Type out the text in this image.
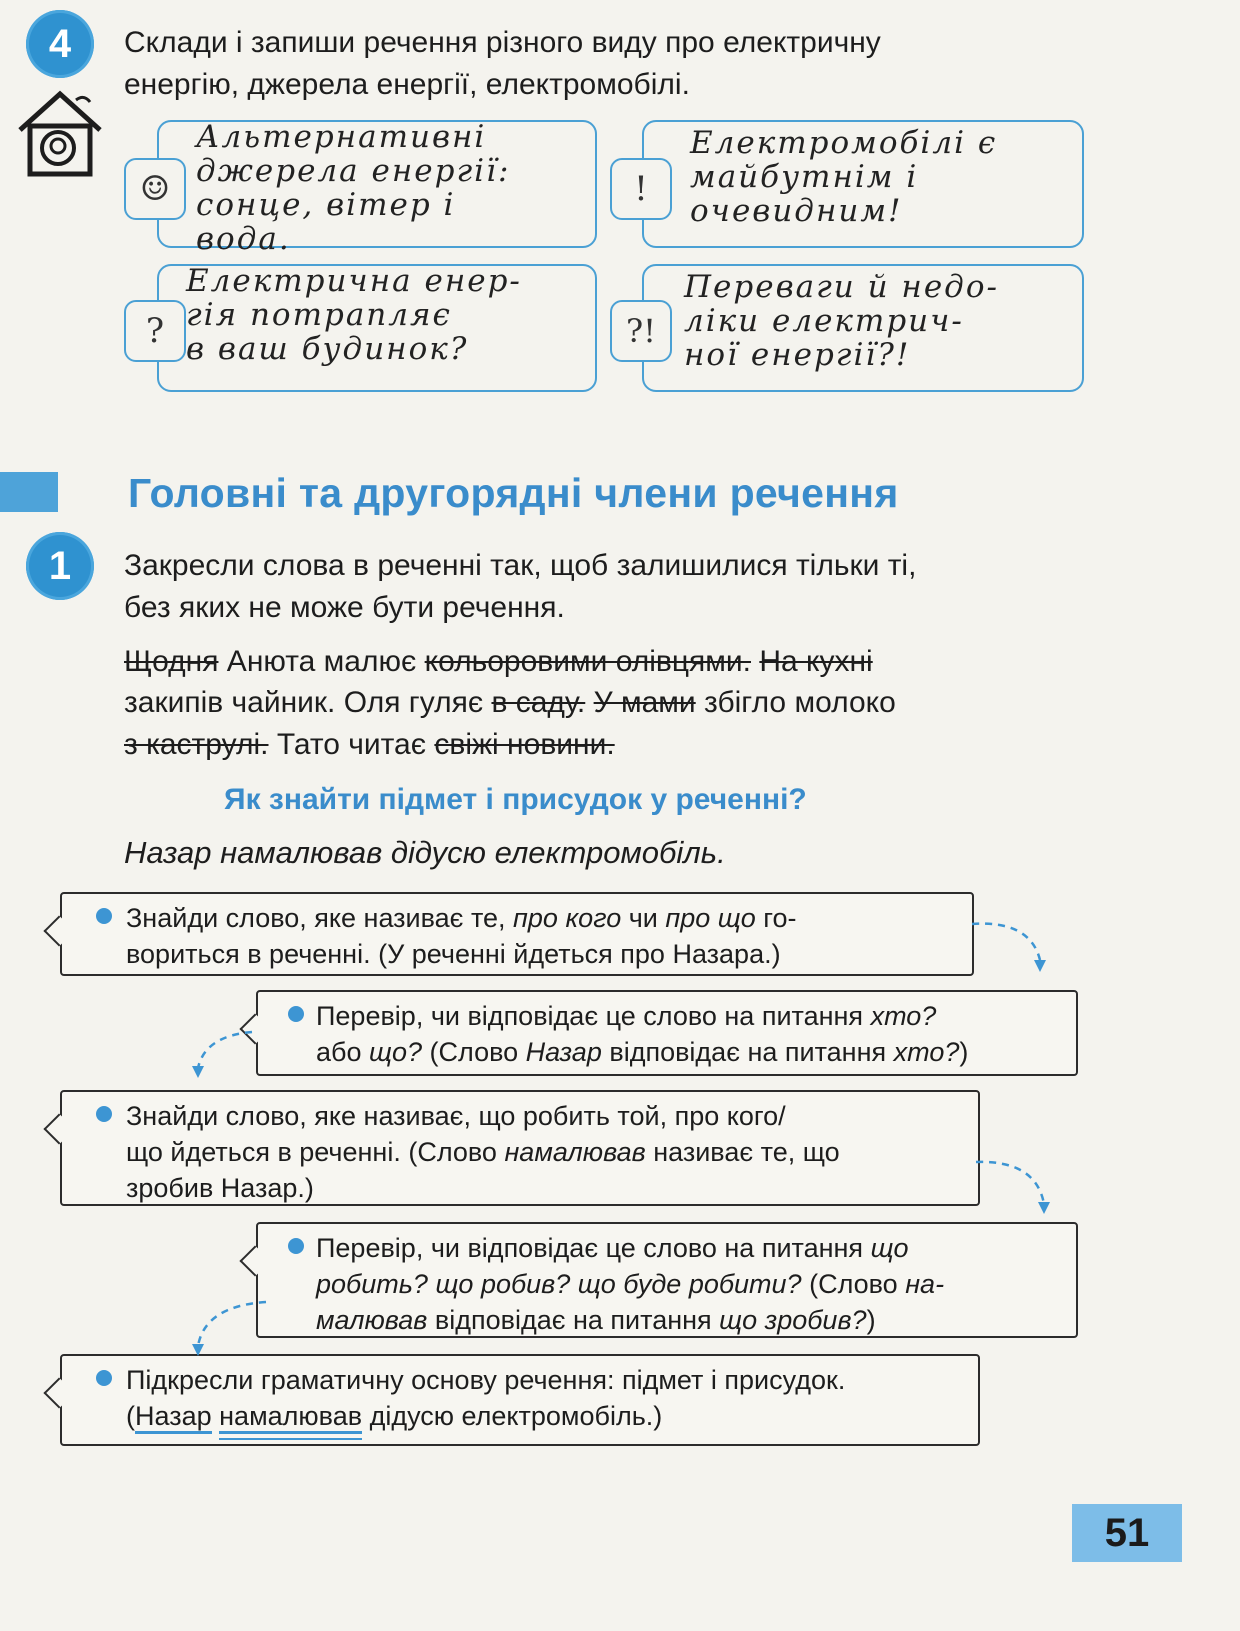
4	Склади і запиши речення різного виду про електричну
енергію, джерела енергії, електромобілі.
☺
Альтернативні
джерела енергії:
сонце, вітер і
вода.
!
Електромобілі є
майбутнім і
очевидним!
?
Електрична енер-
гія потрапляє
в ваш будинок?	?!
Переваги й недо-
ліки електрич-
ної енергії?!
Головні та другорядні члени речення
1	Закресли слова в реченні так, щоб залишилися тільки ті,
без яких не може бути речення.
Щодня Анюта малює кольоровими олівцями. На кухні
закипів чайник. Оля гуляє в саду. У мами збігло молоко
з каструлі. Тато читає свіжі новини.
Як знайти підмет і присудок у реченні?
Назар намалював дідусю електромобіль.
Знайди слово, яке називає те, про кого чи про що го-
вориться в реченні. (У реченні йдеться про Назара.)
Перевір, чи відповідає це слово на питання хто?
або що? (Слово Назар відповідає на питання хто?)
Знайди слово, яке називає, що робить той, про кого/
що йдеться в реченні. (Слово намалював називає те, що
зробив Назар.)
Перевір, чи відповідає це слово на питання що
робить? що робив? що буде робити? (Слово на-
малював відповідає на питання що зробив?)
Підкресли граматичну основу речення: підмет і присудок.
(Назар намалював дідусю електромобіль.)
51
